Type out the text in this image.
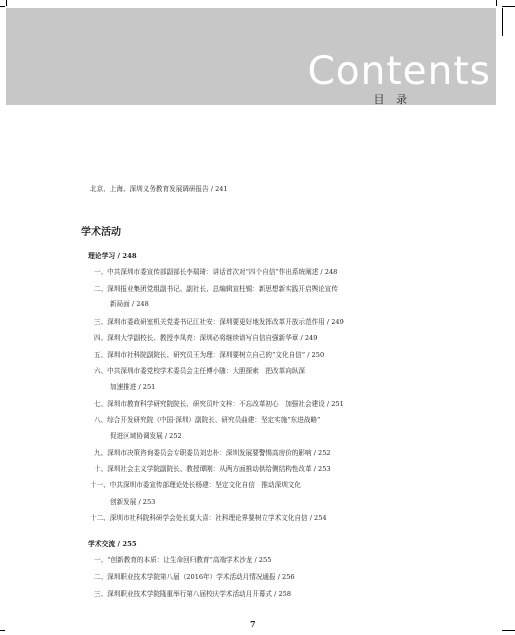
Contents
目 录
北京、上海、深圳义务教育发展调研报告 / 241
学术活动
理论学习 / 248
一、中共深圳市委宣传部副部长李瑞琦：讲话首次对“四个自信”作出系统阐述 / 248
二、深圳报业集团党组副书记、副社长、总编辑宣柱锡：新思想新实践开启舆论宣传
新局面 / 248
三、深圳市委政研室机关党委书记江社安：深圳要更好地发挥改革开放示范作用 / 249
四、深圳大学副校长、教授李凤亮：深圳必将继续谱写自信自强新华章 / 249
五、深圳市社科院副院长、研究员王为理：深圳要树立自己的“文化自信” / 250
六、中共深圳市委党校学术委员会主任傅小随：大胆探索　把改革向纵深
加速推进 / 251
七、深圳市教育科学研究院院长、研究员叶文梓：不忘改革初心　加强社会建设 / 251
八、综合开发研究院（中国·深圳）副院长、研究员曲建：坚定实施“东进战略”
促进区域协调发展 / 252
九、深圳市决策咨询委员会专职委员刘忠朴：深圳发展要警惕高房价的影响 / 252
十、深圳社会主义学院副院长、教授谭刚：从两方面推动供给侧结构性改革 / 253
十一、中共深圳市委宣传部理论处长杨建：坚定文化自信　推动深圳文化
创新发展 / 253
十二、深圳市社科院科研学会处长莫大喜：社科理论界要树立学术文化自信 / 254
学术交流 / 255
一、“创新教育的本质：让生命回归教育”高端学术沙龙 / 255
二、深圳职业技术学院第八届（2016年）学术活动月情况通报 / 256
三、深圳职业技术学院隆重举行第八届校庆学术活动月开幕式 / 258
7
